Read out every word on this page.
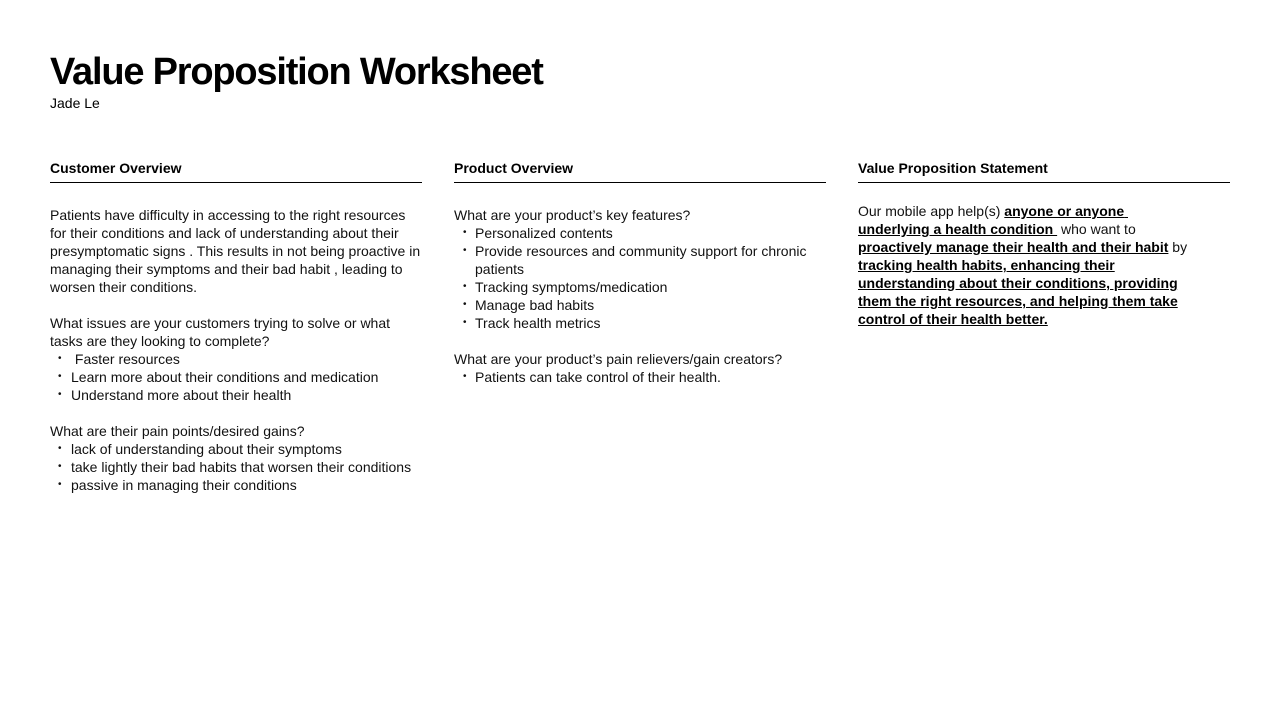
Value Proposition Worksheet
Jade Le
Customer Overview

Patients have difficulty in accessing to the right resources for their conditions and lack of understanding about their presymptomatic signs . This results in not being proactive in managing their symptoms and their bad habit , leading to worsen their conditions.

What issues are your customers trying to solve or what tasks are they looking to complete?

•  Faster resources
• Learn more about their conditions and medication
• Understand more about their health

What are their pain points/desired gains?

• lack of understanding about their symptoms
• take lightly their bad habits that worsen their conditions
• passive in managing their conditions
Product Overview

What are your product’s key features?

• Personalized contents
• Provide resources and community support for chronic patients
• Tracking symptoms/medication
• Manage bad habits
• Track health metrics

What are your product’s pain relievers/gain creators?

• Patients can take control of their health.
Value Proposition Statement

Our mobile app help(s) anyone or anyone underlying a health condition  who want to proactively manage their health and their habit by tracking health habits, enhancing their understanding about their conditions, providing them the right resources, and helping them take control of their health better.
